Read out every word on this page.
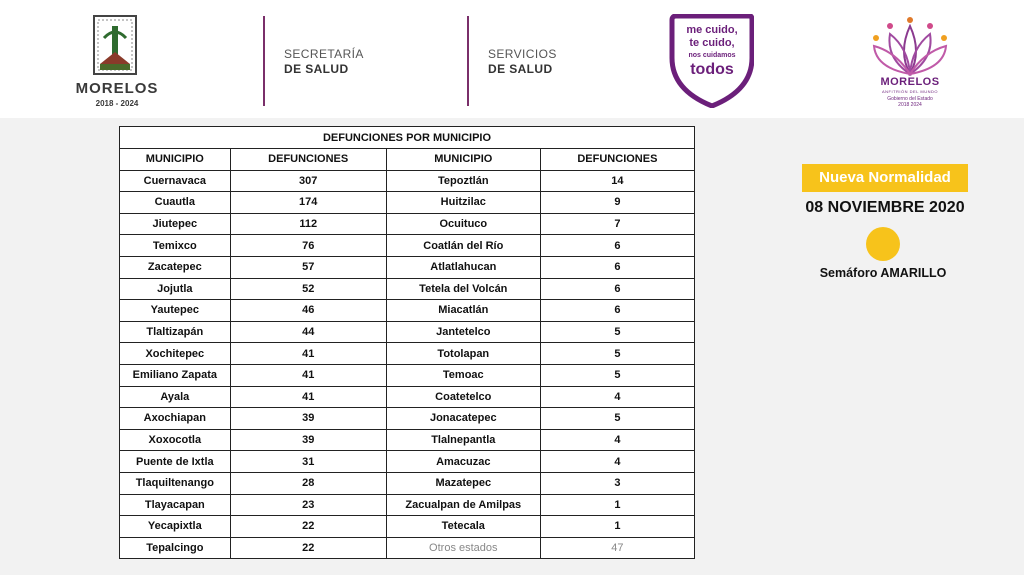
MORELOS
2018 - 2024
SECRETARÍA
DE SALUD
SERVICIOS
DE SALUD
me cuido,
te cuido,
nos cuidamos
todos
MORELOS
ANFITRIÓN DEL MUNDO
Gobierno del Estado
2018 2024
DEFUNCIONES POR MUNICIPIO			
MUNICIPIO	DEFUNCIONES	MUNICIPIO	DEFUNCIONES
Cuernavaca	307	Tepoztlán	14
Cuautla	174	Huitzilac	9
Jiutepec	112	Ocuituco	7
Temixco	76	Coatlán del Río	6
Zacatepec	57	Atlatlahucan	6
Jojutla	52	Tetela del Volcán	6
Yautepec	46	Miacatlán	6
Tlaltizapán	44	Jantetelco	5
Xochitepec	41	Totolapan	5
Emiliano Zapata	41	Temoac	5
Ayala	41	Coatetelco	4
Axochiapan	39	Jonacatepec	5
Xoxocotla	39	Tlalnepantla	4
Puente de Ixtla	31	Amacuzac	4
Tlaquiltenango	28	Mazatepec	3
Tlayacapan	23	Zacualpan de Amilpas	1
Yecapixtla	22	Tetecala	1
Tepalcingo	22	Otros estados	47
Nueva Normalidad
08 NOVIEMBRE 2020
Semáforo AMARILLO
